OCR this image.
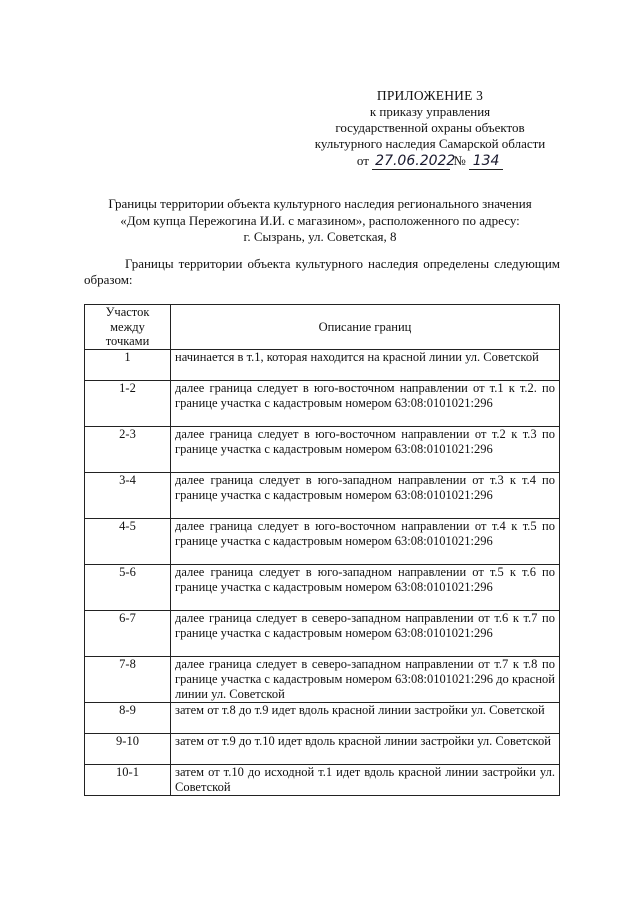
ПРИЛОЖЕНИЕ 3
к приказу управления
государственной охраны объектов
культурного наследия Самарской области
от 27.06.2022 № 134
Границы территории объекта культурного наследия регионального значения
«Дом купца Пережогина И.И. с магазином», расположенного по адресу:
г. Сызрань, ул. Советская, 8
Границы территории объекта культурного наследия определены следующим образом:
Участок
между
точками	Описание границ
1	начинается в т.1, которая находится на красной линии ул. Советской
1-2	далее граница следует в юго-восточном направлении от т.1 к т.2. по границе участка с кадастровым номером 63:08:0101021:296
2-3	далее граница следует в юго-восточном направлении от т.2 к т.3 по границе участка с кадастровым номером 63:08:0101021:296
3-4	далее граница следует в юго-западном направлении от т.3 к т.4 по границе участка с кадастровым номером 63:08:0101021:296
4-5	далее граница следует в юго-восточном направлении от т.4 к т.5 по границе участка с кадастровым номером 63:08:0101021:296
5-6	далее граница следует в юго-западном направлении от т.5 к т.6 по границе участка с кадастровым номером 63:08:0101021:296
6-7	далее граница следует в северо-западном направлении от т.6 к т.7 по границе участка с кадастровым номером 63:08:0101021:296
7-8	далее граница следует в северо-западном направлении от т.7 к т.8 по границе участка с кадастровым номером 63:08:0101021:296 до красной линии ул. Советской
8-9	затем от т.8 до т.9 идет вдоль красной линии застройки ул. Советской
9-10	затем от т.9 до т.10 идет вдоль красной линии застройки ул. Советской
10-1	затем от т.10 до исходной т.1 идет вдоль красной линии застройки ул. Советской
